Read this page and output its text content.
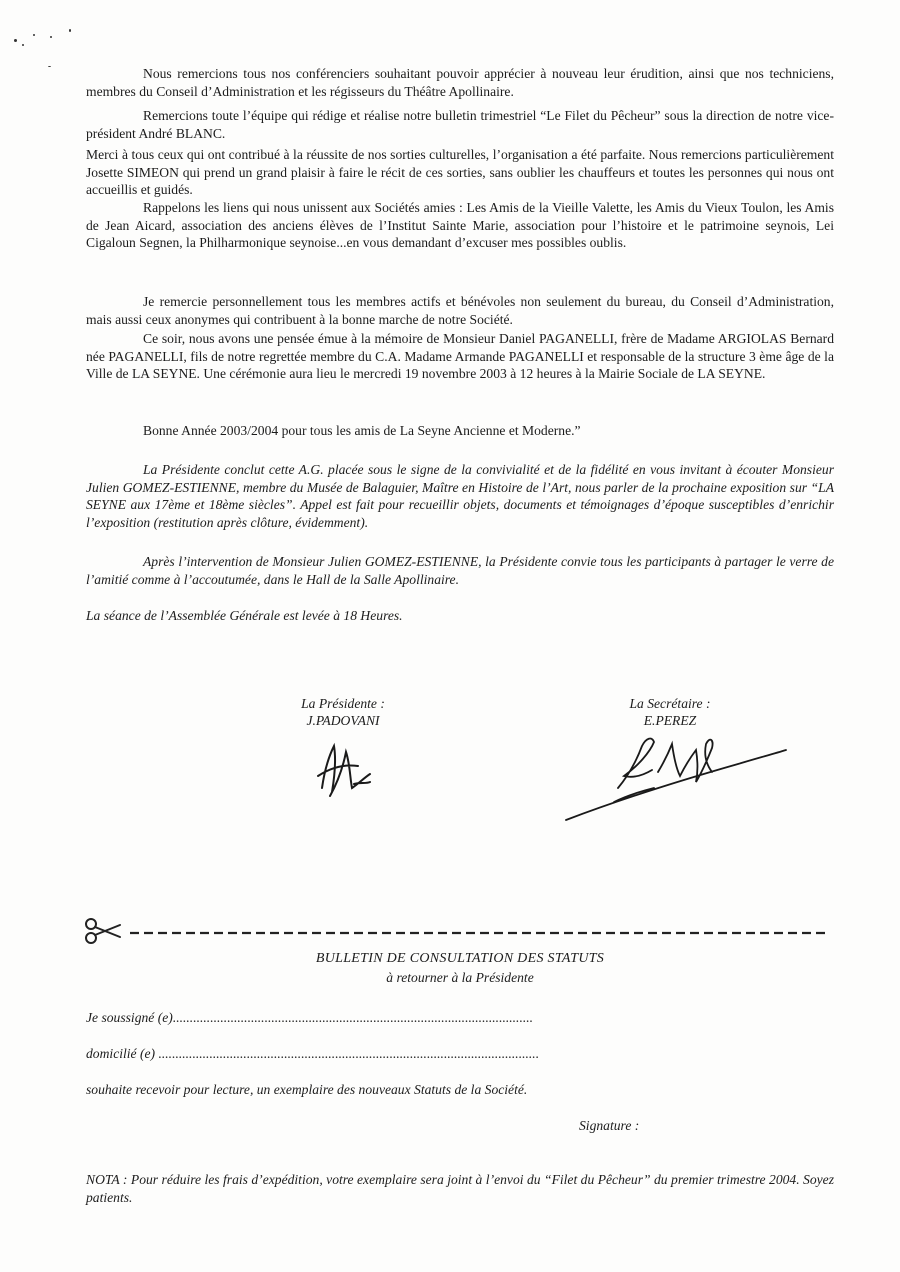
Nous remercions tous nos conférenciers souhaitant pouvoir apprécier à nouveau leur érudition, ainsi que nos techniciens, membres du Conseil d’Administration et les régisseurs du Théâtre Apollinaire.

Remercions toute l’équipe qui rédige et réalise notre bulletin trimestriel “Le Filet du Pêcheur” sous la direction de notre vice-président André BLANC.

Merci à tous ceux qui ont contribué à la réussite de nos sorties culturelles, l’organisation a été parfaite. Nous remercions particulièrement Josette SIMEON qui prend un grand plaisir à faire le récit de ces sorties, sans oublier les chauffeurs et toutes les personnes qui nous ont accueillis et guidés.

Rappelons les liens qui nous unissent aux Sociétés amies : Les Amis de la Vieille Valette, les Amis du Vieux Toulon, les Amis de Jean Aicard, association des anciens élèves de l’Institut Sainte Marie, association pour l’histoire et le patrimoine seynois, Lei Cigaloun Segnen, la Philharmonique seynoise...en vous demandant d’excuser mes possibles oublis.

Je remercie personnellement tous les membres actifs et bénévoles non seulement du bureau, du Conseil d’Administration, mais aussi ceux anonymes qui contribuent à la bonne marche de notre Société.

Ce soir, nous avons une pensée émue à la mémoire de Monsieur Daniel PAGANELLI, frère de Madame ARGIOLAS Bernard née PAGANELLI, fils de notre regrettée membre du C.A. Madame Armande PAGANELLI et responsable de la structure 3 ème âge de la Ville de LA SEYNE. Une cérémonie aura lieu le mercredi 19 novembre 2003 à 12 heures à la Mairie Sociale de LA SEYNE.

Bonne Année 2003/2004 pour tous les amis de La Seyne Ancienne et Moderne.”

La Présidente conclut cette A.G. placée sous le signe de la convivialité et de la fidélité en vous invitant à écouter Monsieur Julien GOMEZ-ESTIENNE, membre du Musée de Balaguier, Maître en Histoire de l’Art, nous parler de la prochaine exposition sur “LA SEYNE aux 17ème et 18ème siècles”. Appel est fait pour recueillir objets, documents et témoignages d’époque susceptibles d’enrichir l’exposition (restitution après clôture, évidemment).

Après l’intervention de Monsieur Julien GOMEZ-ESTIENNE, la Présidente convie tous les participants à partager le verre de l’amitié comme à l’accoutumée, dans le Hall de la Salle Apollinaire.

La séance de l’Assemblée Générale est levée à 18 Heures.

La Présidente :
J.PADOVANI
La Secrétaire :
E.PEREZ
BULLETIN DE CONSULTATION DES STATUTS
à retourner à la Présidente
Je soussigné (e)..........................................................................................................
domicilié (e) ................................................................................................................
souhaite recevoir pour lecture, un exemplaire des nouveaux Statuts de la Société.
Signature :

NOTA : Pour réduire les frais d’expédition, votre exemplaire sera joint à l’envoi du “Filet du Pêcheur” du premier trimestre 2004. Soyez patients.
